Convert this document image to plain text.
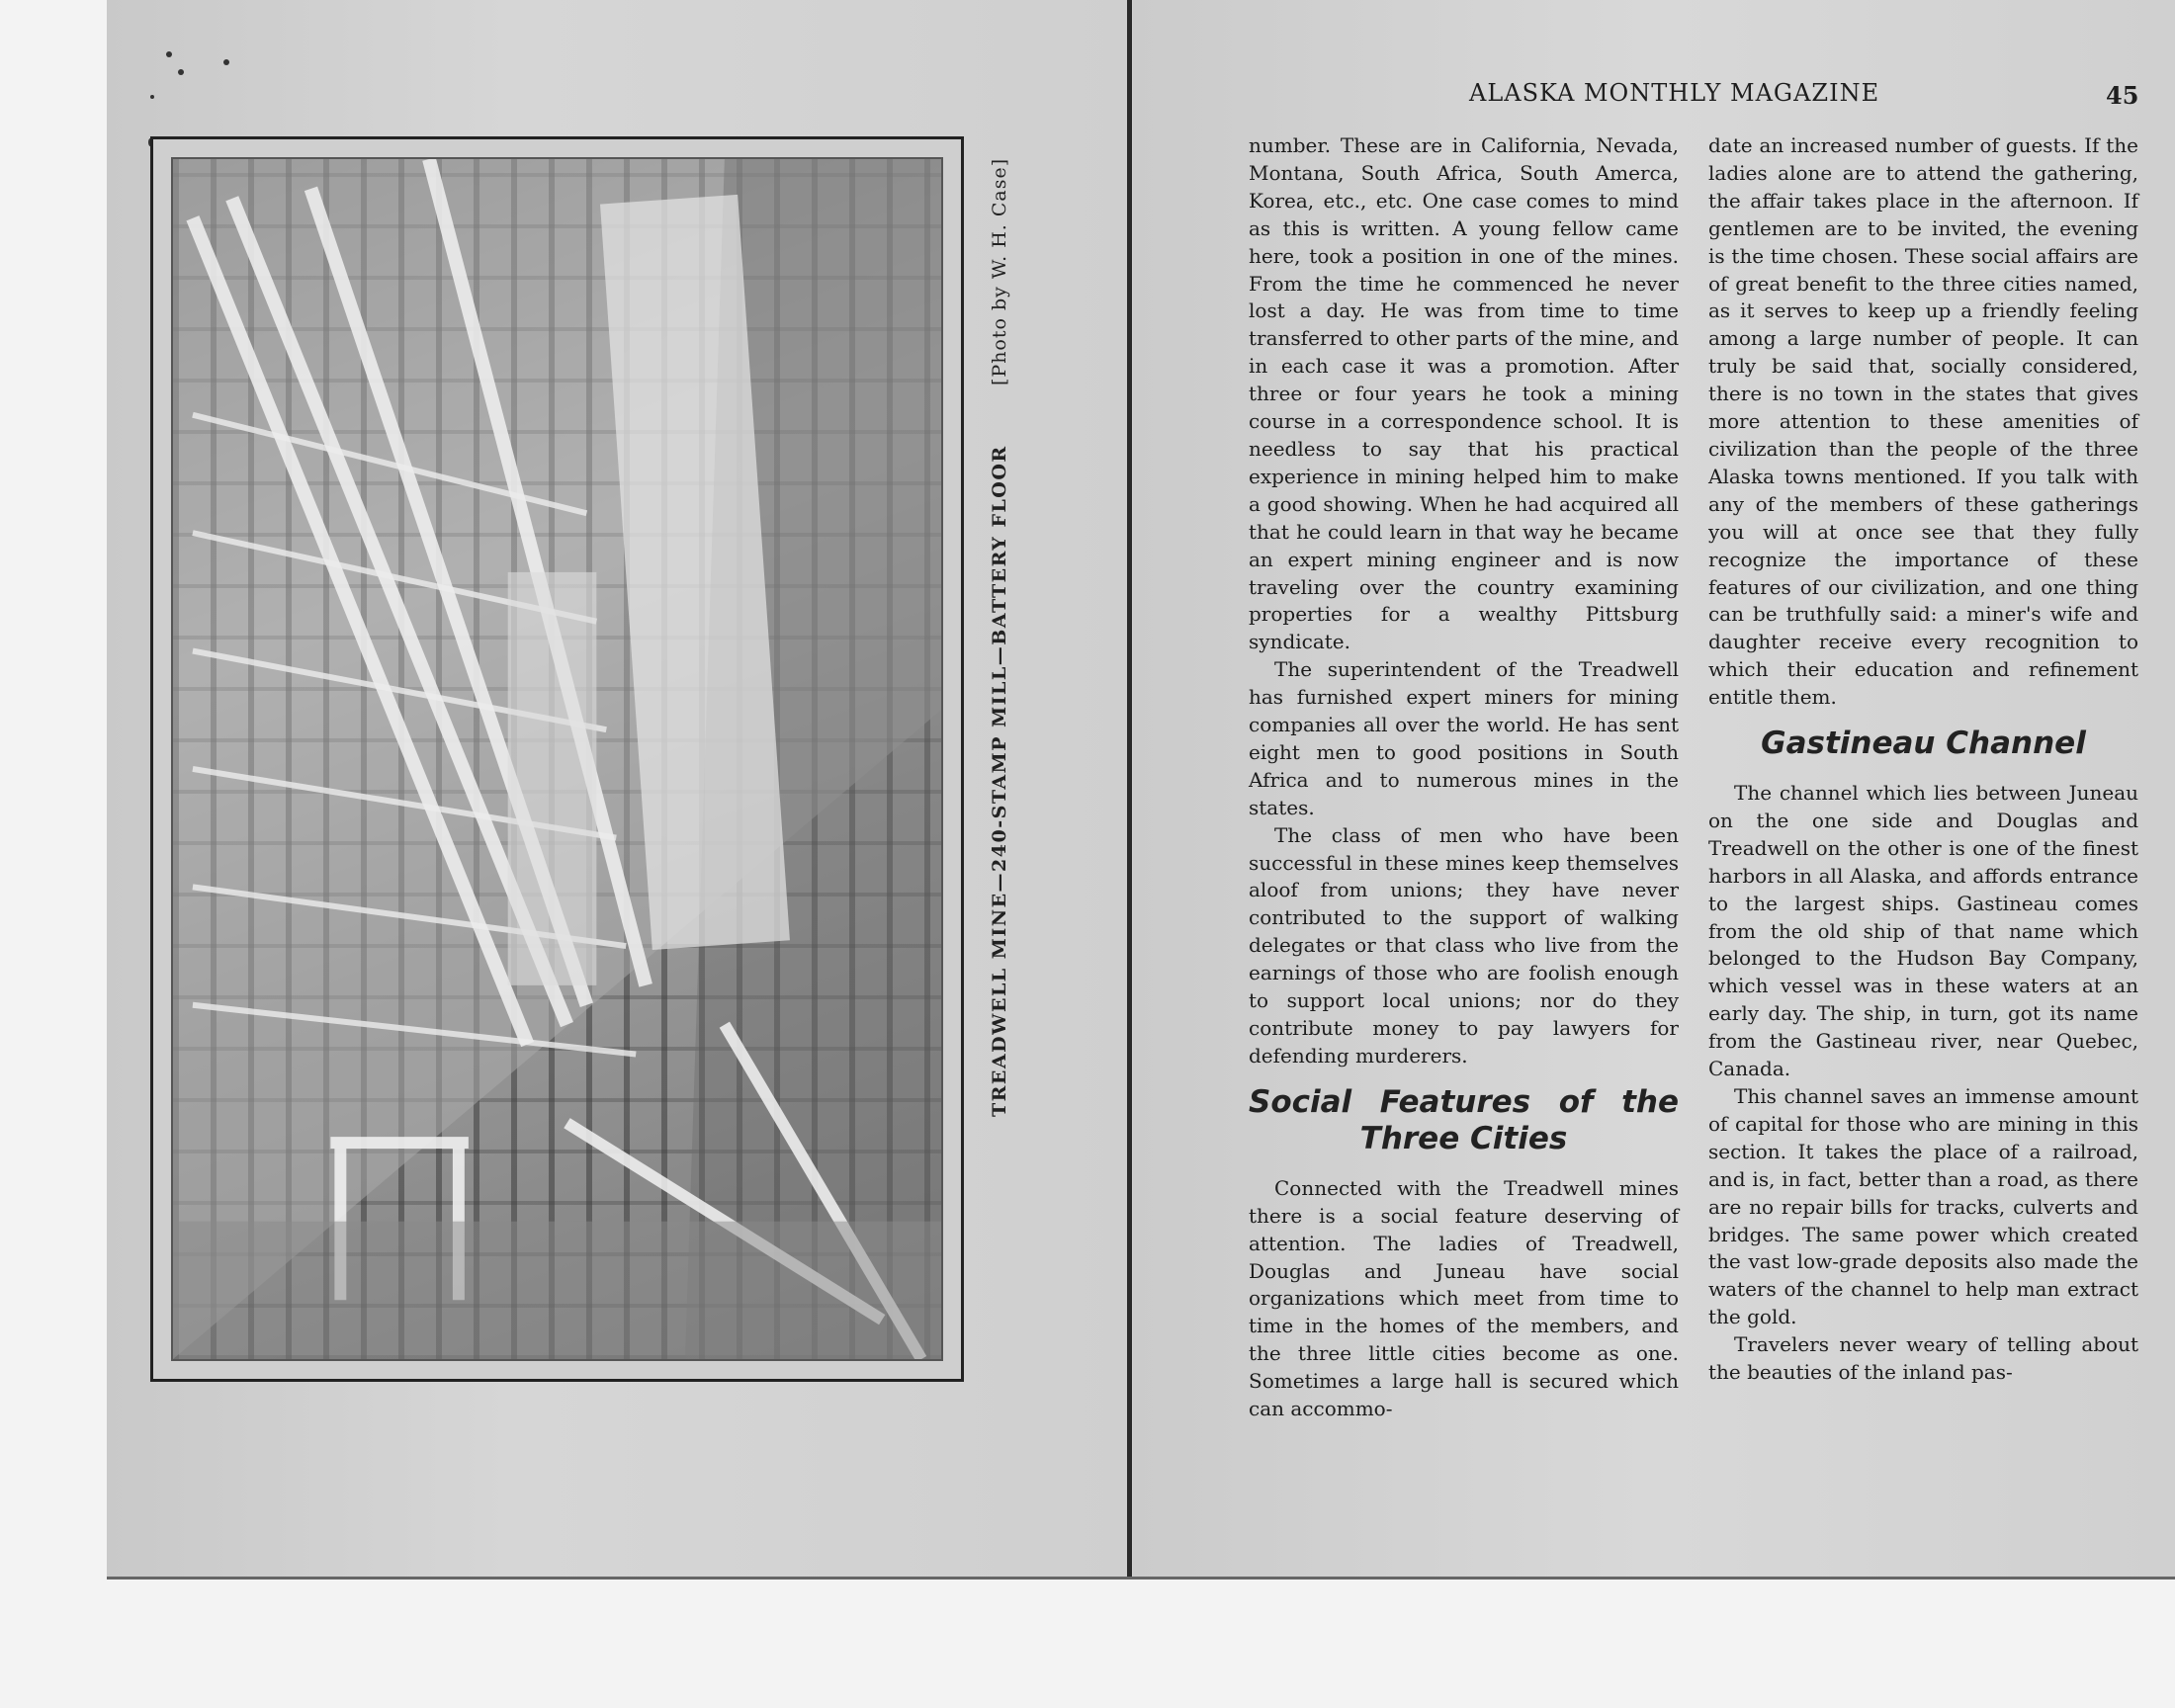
TREADWELL MINE—240-STAMP MILL—BATTERY FLOOR
[Photo by W. H. Case]
ALASKA MONTHLY MAGAZINE	45

number. These are in California, Nevada, Montana, South Africa, South Amerca, Korea, etc., etc. One case comes to mind as this is written. A young fellow came here, took a position in one of the mines. From the time he commenced he never lost a day. He was from time to time transferred to other parts of the mine, and in each case it was a promotion. After three or four years he took a mining course in a correspondence school. It is needless to say that his practical experience in mining helped him to make a good showing. When he had acquired all that he could learn in that way he became an expert mining engineer and is now traveling over the country examining properties for a wealthy Pittsburg syndicate.

The superintendent of the Treadwell has furnished expert miners for mining companies all over the world. He has sent eight men to good positions in South Africa and to numerous mines in the states.

The class of men who have been successful in these mines keep themselves aloof from unions; they have never contributed to the support of walking delegates or that class who live from the earnings of those who are foolish enough to support local unions; nor do they contribute money to pay lawyers for defending murderers.

Social Features of the
Three Cities

Connected with the Treadwell mines there is a social feature deserving of attention. The ladies of Treadwell, Douglas and Juneau have social organizations which meet from time to time in the homes of the members, and the three little cities become as one. Sometimes a large hall is secured which can accommo-

date an increased number of guests. If the ladies alone are to attend the gathering, the affair takes place in the afternoon. If gentlemen are to be invited, the evening is the time chosen. These social affairs are of great benefit to the three cities named, as it serves to keep up a friendly feeling among a large number of people. It can truly be said that, socially considered, there is no town in the states that gives more attention to these amenities of civilization than the people of the three Alaska towns mentioned. If you talk with any of the members of these gatherings you will at once see that they fully recognize the importance of these features of our civilization, and one thing can be truthfully said: a miner's wife and daughter receive every recognition to which their education and refinement entitle them.

Gastineau Channel

The channel which lies between Juneau on the one side and Douglas and Treadwell on the other is one of the finest harbors in all Alaska, and affords entrance to the largest ships. Gastineau comes from the old ship of that name which belonged to the Hudson Bay Company, which vessel was in these waters at an early day. The ship, in turn, got its name from the Gastineau river, near Quebec, Canada.

This channel saves an immense amount of capital for those who are mining in this section. It takes the place of a railroad, and is, in fact, better than a road, as there are no repair bills for tracks, culverts and bridges. The same power which created the vast low-grade deposits also made the waters of the channel to help man extract the gold.

Travelers never weary of telling about the beauties of the inland pas-
